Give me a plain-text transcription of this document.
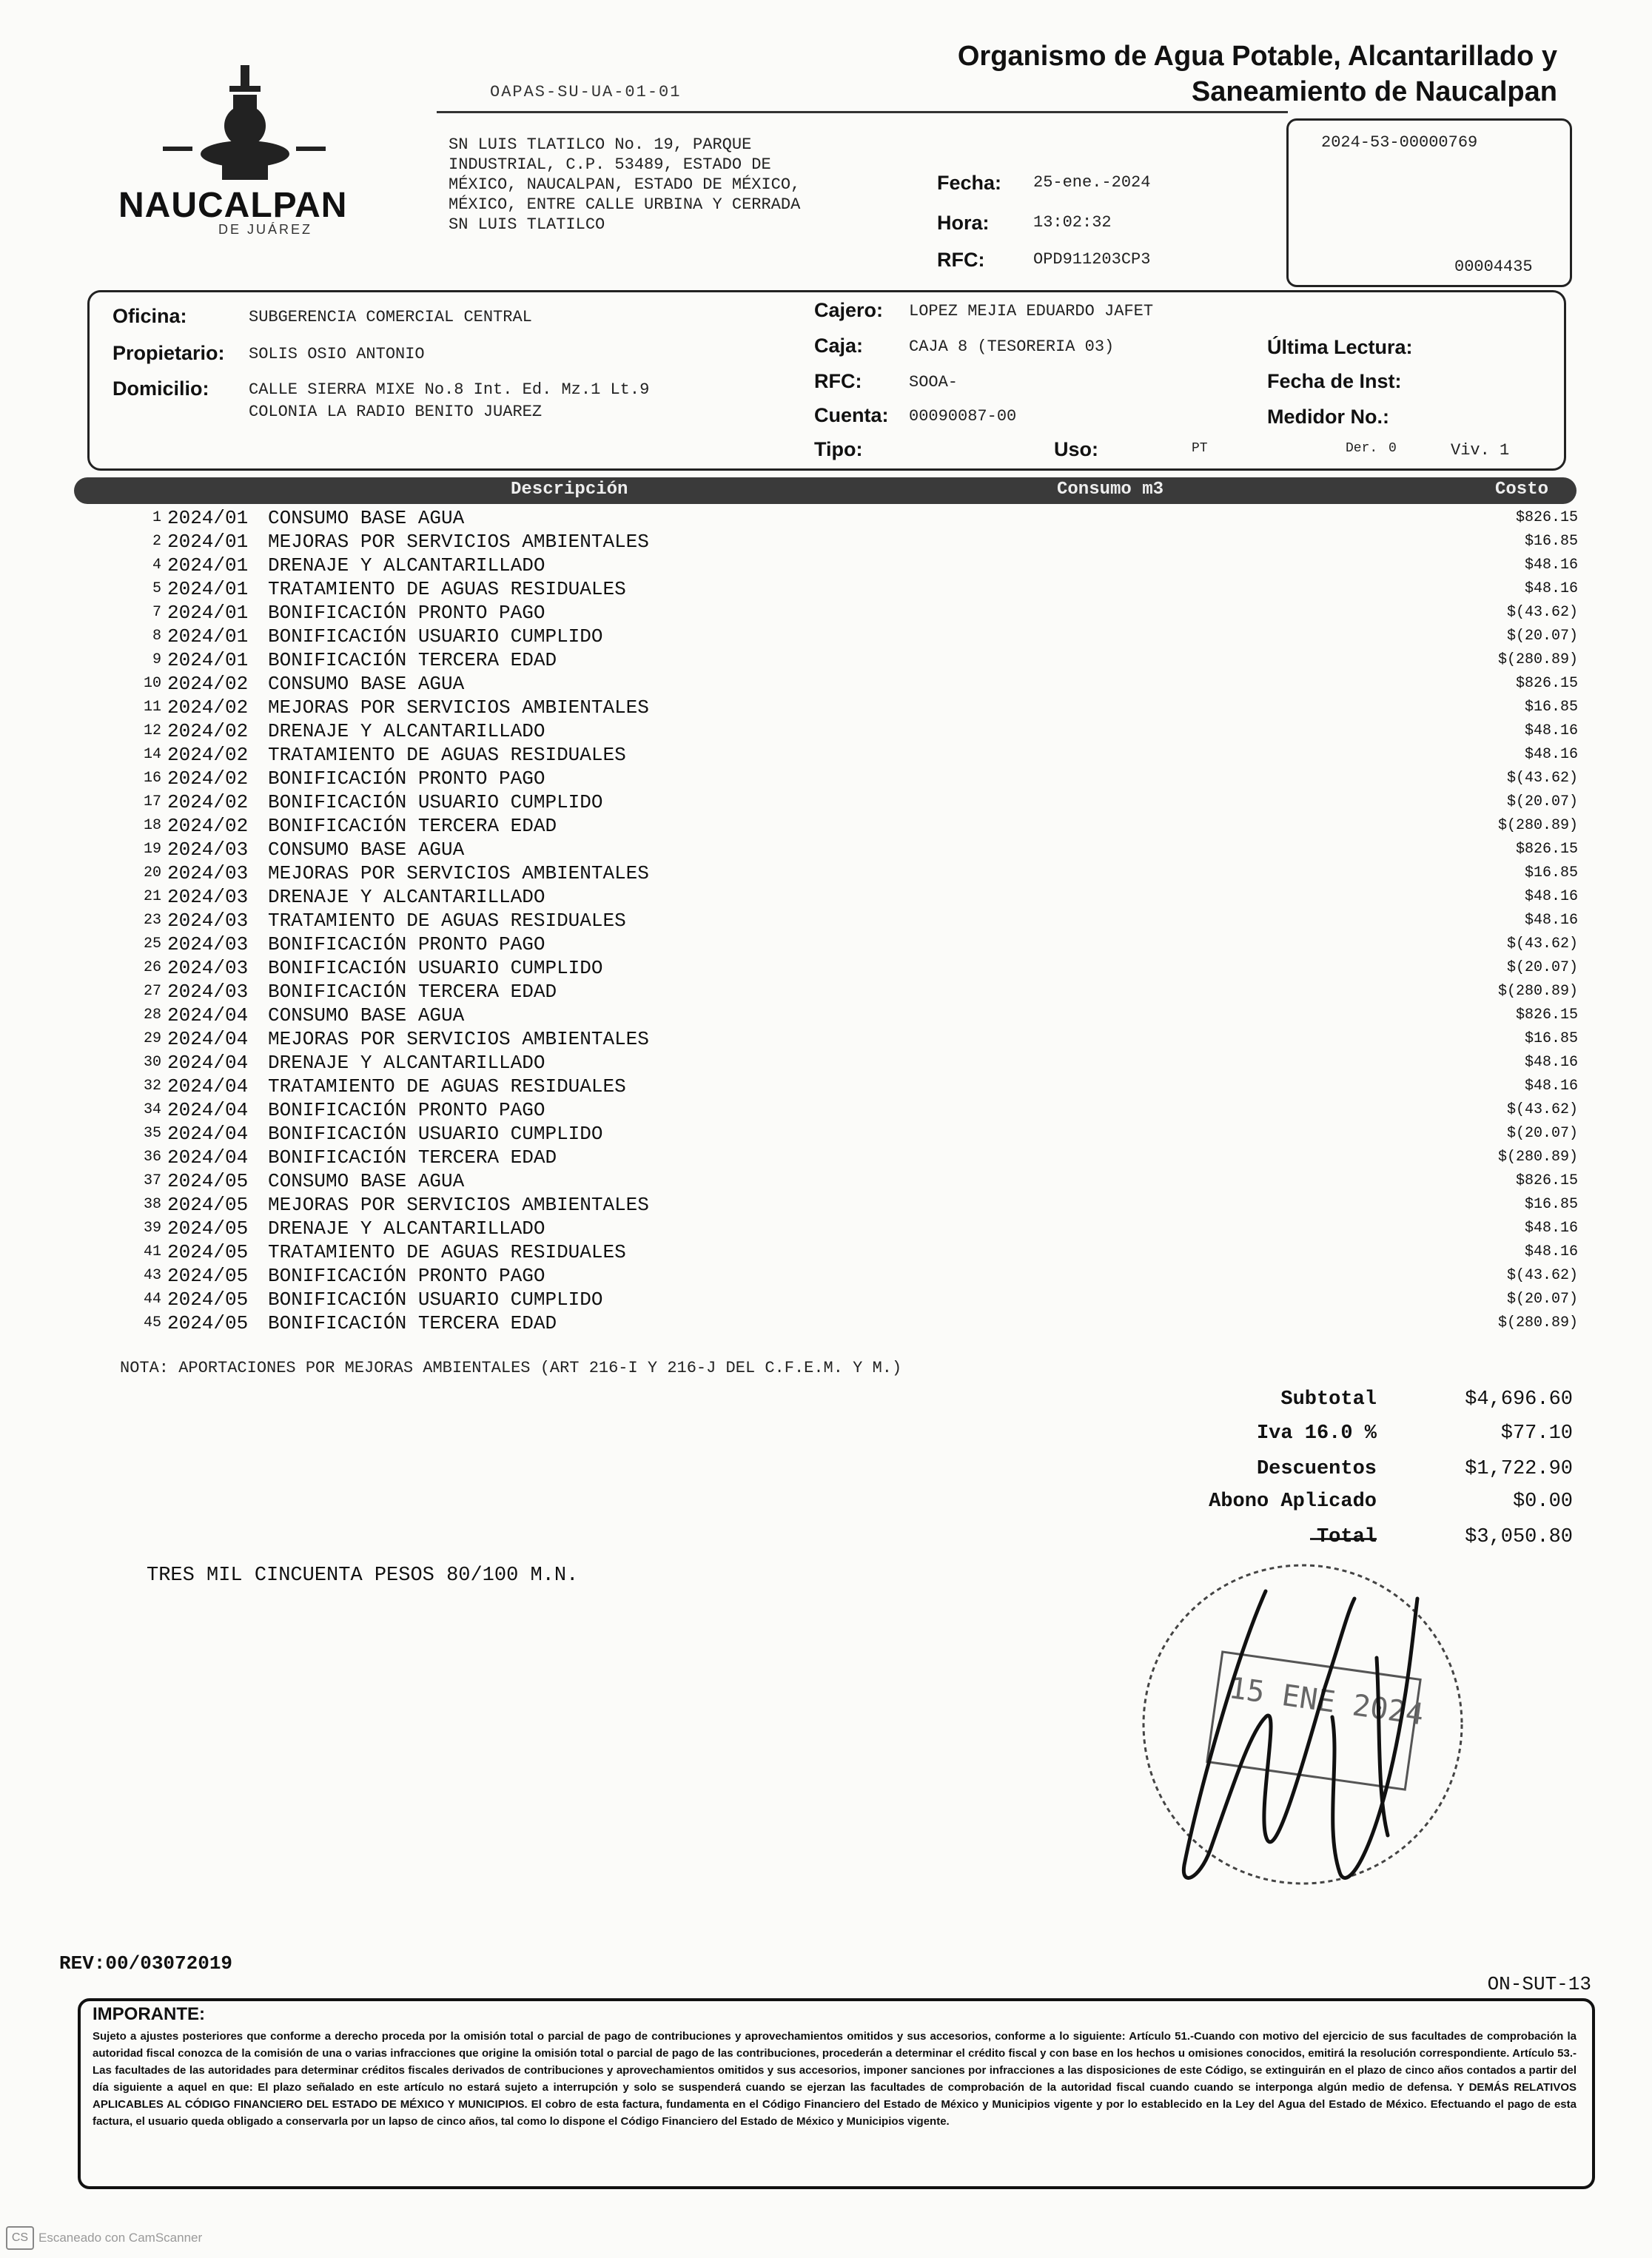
OAPAS-SU-UA-01-01
Organismo de Agua Potable, Alcantarillado y
Saneamiento de Naucalpan
NAUCALPAN
DE JUÁREZ
SN LUIS TLATILCO No. 19, PARQUE
INDUSTRIAL, C.P. 53489, ESTADO DE
MÉXICO, NAUCALPAN, ESTADO DE MÉXICO,
MÉXICO, ENTRE CALLE URBINA Y CERRADA
SN LUIS TLATILCO
Fecha: 25-ene.-2024
Hora:	13:02:32
RFC:	OPD911203CP3
2024-53-00000769
00004435
Oficina:	SUBGERENCIA COMERCIAL CENTRAL
Propietario: SOLIS OSIO ANTONIO
Domicilio: CALLE SIERRA MIXE No.8 Int. Ed. Mz.1 Lt.9
COLONIA LA RADIO BENITO JUAREZ
Cajero: LOPEZ MEJIA EDUARDO JAFET
Caja:	CAJA 8 (TESORERIA 03)
RFC:	SOOA-
Cuenta: 00090087-00
Tipo:	Uso:	PT	Der. 0	Viv. 1
Última Lectura:
Fecha de Inst:
Medidor No.:
Descripción	Consumo m3	Costo
1 2024/01 CONSUMO BASE AGUA	$826.15
2 2024/01 MEJORAS POR SERVICIOS AMBIENTALES	$16.85
4 2024/01 DRENAJE Y ALCANTARILLADO	$48.16
5 2024/01 TRATAMIENTO DE AGUAS RESIDUALES	$48.16
7 2024/01 BONIFICACIÓN PRONTO PAGO	$(43.62)
8 2024/01 BONIFICACIÓN USUARIO CUMPLIDO	$(20.07)
9 2024/01 BONIFICACIÓN TERCERA EDAD	$(280.89)
10 2024/02 CONSUMO BASE AGUA	$826.15
11 2024/02 MEJORAS POR SERVICIOS AMBIENTALES	$16.85
12 2024/02 DRENAJE Y ALCANTARILLADO	$48.16
14 2024/02 TRATAMIENTO DE AGUAS RESIDUALES	$48.16
16 2024/02 BONIFICACIÓN PRONTO PAGO	$(43.62)
17 2024/02 BONIFICACIÓN USUARIO CUMPLIDO	$(20.07)
18 2024/02 BONIFICACIÓN TERCERA EDAD	$(280.89)
19 2024/03 CONSUMO BASE AGUA	$826.15
20 2024/03 MEJORAS POR SERVICIOS AMBIENTALES	$16.85
21 2024/03 DRENAJE Y ALCANTARILLADO	$48.16
23 2024/03 TRATAMIENTO DE AGUAS RESIDUALES	$48.16
25 2024/03 BONIFICACIÓN PRONTO PAGO	$(43.62)
26 2024/03 BONIFICACIÓN USUARIO CUMPLIDO	$(20.07)
27 2024/03 BONIFICACIÓN TERCERA EDAD	$(280.89)
28 2024/04 CONSUMO BASE AGUA	$826.15
29 2024/04 MEJORAS POR SERVICIOS AMBIENTALES	$16.85
30 2024/04 DRENAJE Y ALCANTARILLADO	$48.16
32 2024/04 TRATAMIENTO DE AGUAS RESIDUALES	$48.16
34 2024/04 BONIFICACIÓN PRONTO PAGO	$(43.62)
35 2024/04 BONIFICACIÓN USUARIO CUMPLIDO	$(20.07)
36 2024/04 BONIFICACIÓN TERCERA EDAD	$(280.89)
37 2024/05 CONSUMO BASE AGUA	$826.15
38 2024/05 MEJORAS POR SERVICIOS AMBIENTALES	$16.85
39 2024/05 DRENAJE Y ALCANTARILLADO	$48.16
41 2024/05 TRATAMIENTO DE AGUAS RESIDUALES	$48.16
43 2024/05 BONIFICACIÓN PRONTO PAGO	$(43.62)
44 2024/05 BONIFICACIÓN USUARIO CUMPLIDO	$(20.07)
45 2024/05 BONIFICACIÓN TERCERA EDAD	$(280.89)
NOTA: APORTACIONES POR MEJORAS AMBIENTALES (ART 216-I Y 216-J DEL C.F.E.M. Y M.)
Subtotal	$4,696.60
Iva 16.0 %	$77.10
Descuentos	$1,722.90
Abono Aplicado	$0.00
Total	$3,050.80
TRES MIL CINCUENTA PESOS 80/100 M.N.
15 ENE 2024
REV:00/03072019
ON-SUT-13
IMPORANTE:
Sujeto a ajustes posteriores que conforme a derecho proceda por la omisión total o parcial de pago de contribuciones y aprovechamientos omitidos y sus accesorios, conforme a lo siguiente: Artículo 51.-Cuando con motivo del ejercicio de sus facultades de comprobación la autoridad fiscal conozca de la comisión de una o varias infracciones que origine la omisión total o parcial de pago de las contribuciones, procederán a determinar el crédito fiscal y con base en los hechos u omisiones conocidos, emitirá la resolución correspondiente. Artículo 53.- Las facultades de las autoridades para determinar créditos fiscales derivados de contribuciones y aprovechamientos omitidos y sus accesorios, imponer sanciones por infracciones a las disposiciones de este Código, se extinguirán en el plazo de cinco años contados a partir del día siguiente a aquel en que: El plazo señalado en este artículo no estará sujeto a interrupción y solo se suspenderá cuando se ejerzan las facultades de comprobación de la autoridad fiscal cuando cuando se interponga algún medio de defensa. Y DEMÁS RELATIVOS APLICABLES AL CÓDIGO FINANCIERO DEL ESTADO DE MÉXICO Y MUNICIPIOS. El cobro de esta factura, fundamenta en el Código Financiero del Estado de México y Municipios vigente y por lo establecido en la Ley del Agua del Estado de México. Efectuando el pago de esta factura, el usuario queda obligado a conservarla por un lapso de cinco años, tal como lo dispone el Código Financiero del Estado de México y Municipios vigente.
CS Escaneado con CamScanner
